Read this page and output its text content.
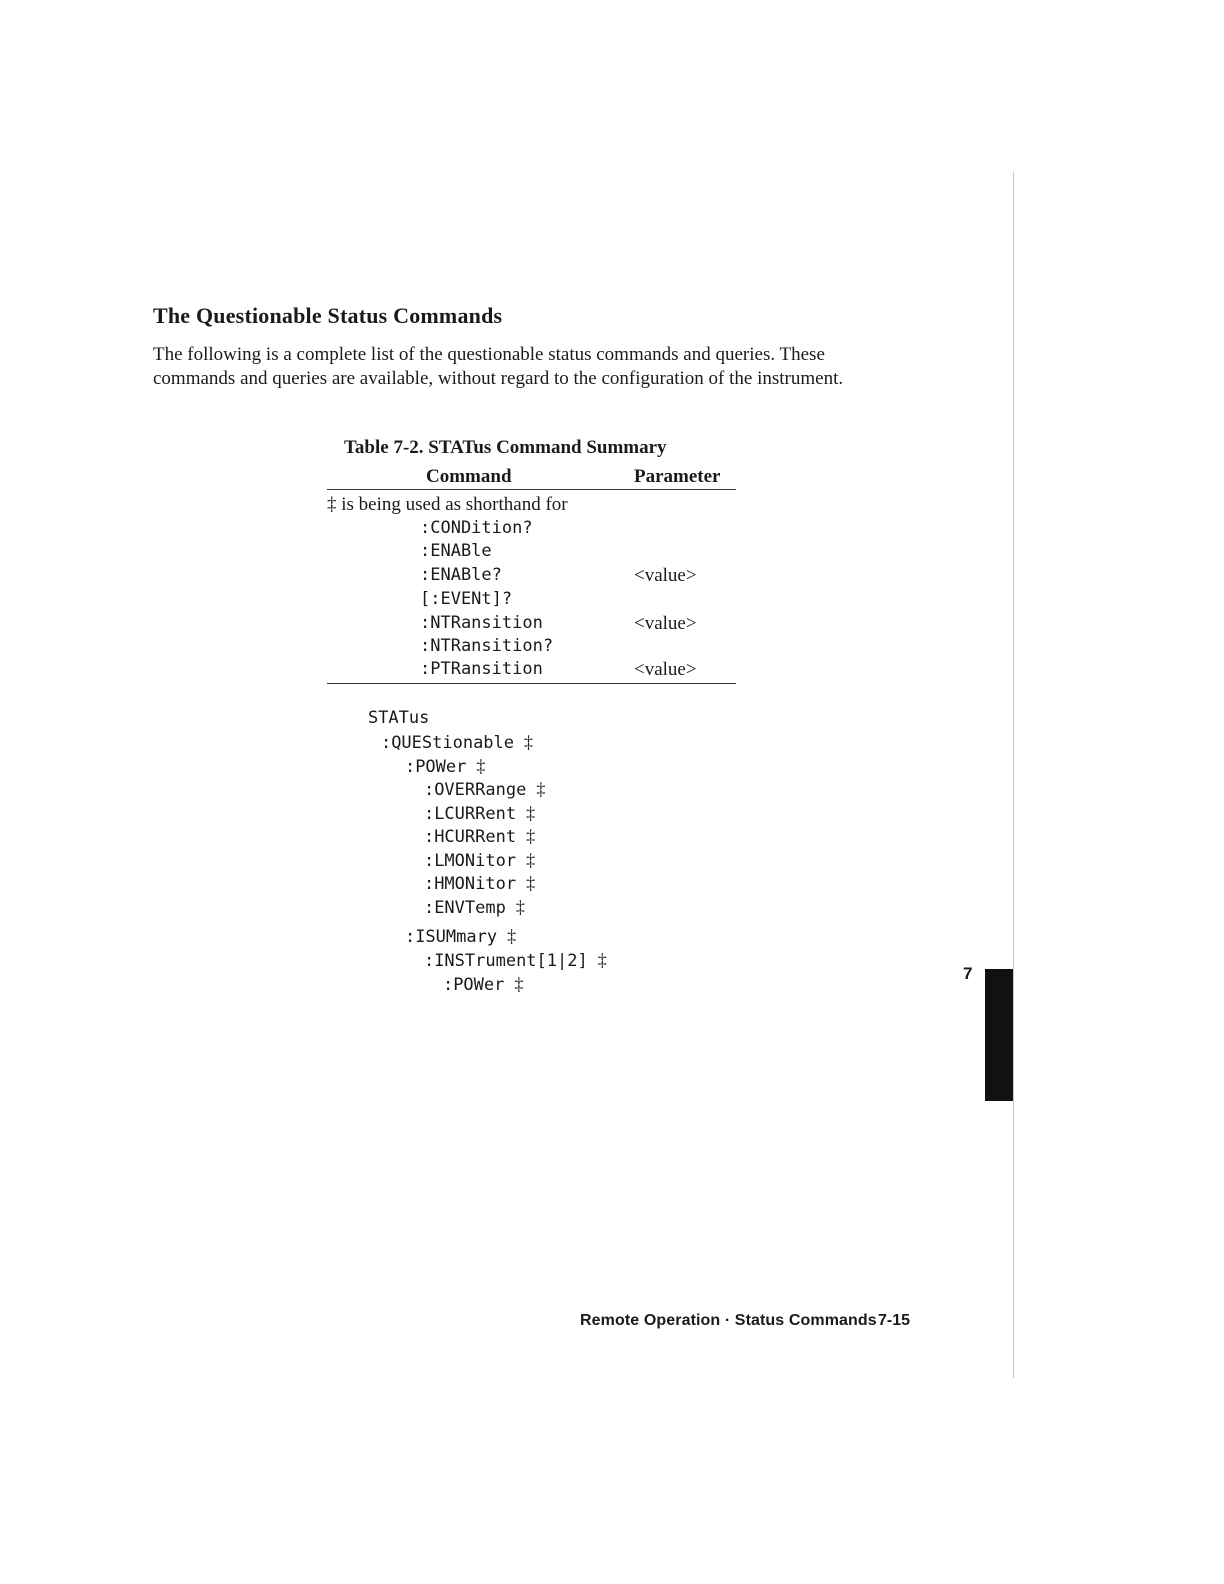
7
The Questionable Status Commands

The following is a complete list of the questionable status commands and queries. These commands and queries are available, without regard to the configuration of the instrument.

Table 7-2. STATus Command Summary
Command	Parameter
‡ is being used as shorthand for
:CONDition?
:ENABle
:ENABle?	<value>
[:EVENt]?
:NTRansition	<value>
:NTRansition?
:PTRansition	<value>

STATus

:QUEStionable ‡

:POWer ‡

:OVERRange ‡

:LCURRent ‡

:HCURRent ‡

:LMONitor ‡

:HMONitor ‡

:ENVTemp ‡

:ISUMmary ‡

:INSTrument[1|2] ‡

:POWer ‡

Remote Operation · Status Commands 7-15
